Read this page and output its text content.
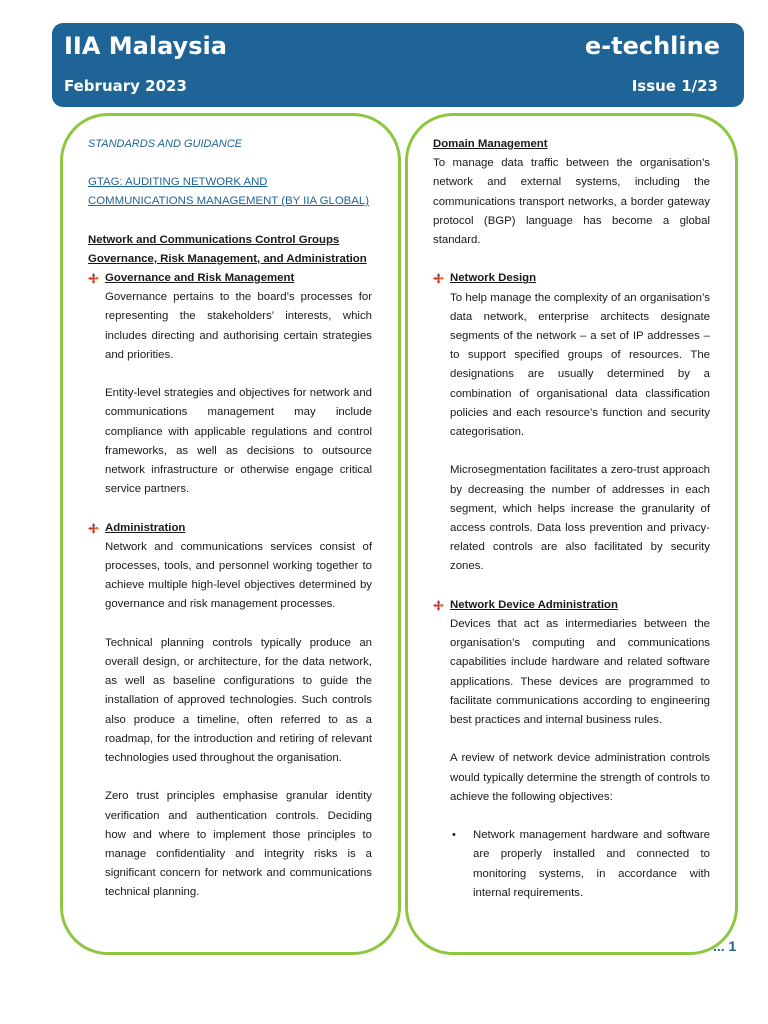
IIA Malaysia	e-techline
February 2023	Issue 1/23

STANDARDS AND GUIDANCE

GTAG: AUDITING NETWORK AND COMMUNICATIONS MANAGEMENT (BY IIA GLOBAL)

Network and Communications Control Groups

Governance, Risk Management, and Administration

Governance and Risk Management

Governance pertains to the board’s processes for representing the stakeholders’ interests, which includes directing and authorising certain strategies and priorities.

Entity-level strategies and objectives for network and communications management may include compliance with applicable regulations and control frameworks, as well as decisions to outsource network infrastructure or otherwise engage critical service partners.

Administration

Network and communications services consist of processes, tools, and personnel working together to achieve multiple high-level objectives determined by governance and risk management processes.

Technical planning controls typically produce an overall design, or architecture, for the data network, as well as baseline configurations to guide the installation of approved technologies. Such controls also produce a timeline, often referred to as a roadmap, for the introduction and retiring of relevant technologies used throughout the organisation.

Zero trust principles emphasise granular identity verification and authentication controls. Deciding how and where to implement those principles to manage confidentiality and integrity risks is a significant concern for network and communications technical planning.

Domain Management

To manage data traffic between the organisation’s network and external systems, including the communications transport networks, a border gateway protocol (BGP) language has become a global standard.

Network Design

To help manage the complexity of an organisation’s data network, enterprise architects designate segments of the network – a set of IP addresses – to support specified groups of resources. The designations are usually determined by a combination of organisational data classification policies and each resource’s function and security categorisation.

Microsegmentation facilitates a zero-trust approach by decreasing the number of addresses in each segment, which helps increase the granularity of access controls. Data loss prevention and privacy-related controls are also facilitated by security zones.

Network Device Administration

Devices that act as intermediaries between the organisation’s computing and communications capabilities include hardware and related software applications. These devices are programmed to facilitate communications according to engineering best practices and internal business rules.

A review of network device administration controls would typically determine the strength of controls to achieve the following objectives:

• Network management hardware and software are properly installed and connected to monitoring systems, in accordance with internal requirements.
... 1
